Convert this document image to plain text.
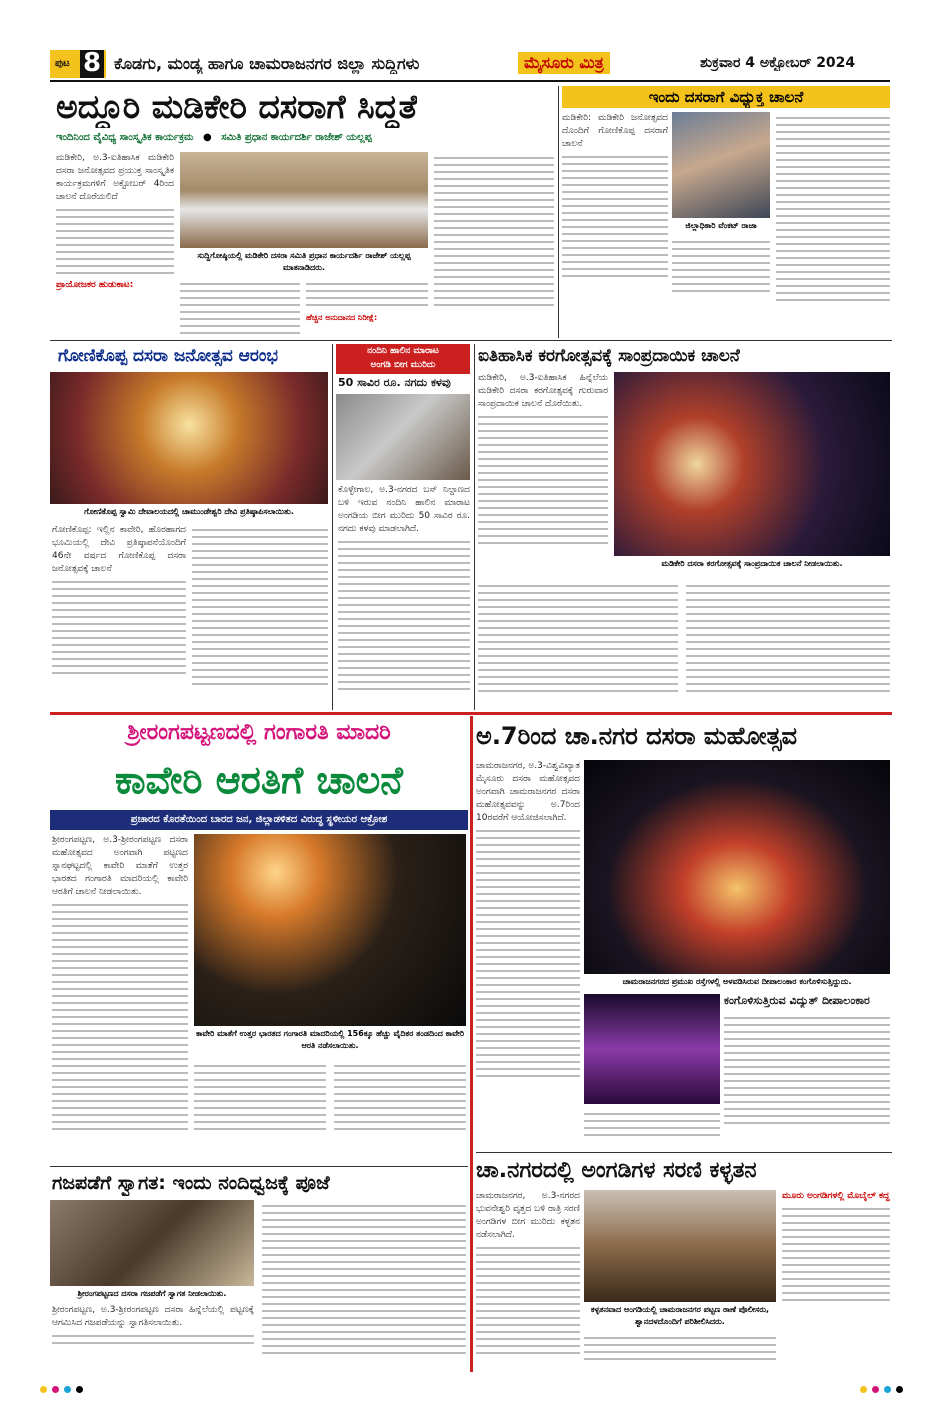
ಪುಟ 8 ಕೊಡಗು, ಮಂಡ್ಯ ಹಾಗೂ ಚಾಮರಾಜನಗರ ಜಿಲ್ಲಾ ಸುದ್ದಿಗಳು	ಮೈಸೂರು ಮಿತ್ರ	ಶುಕ್ರವಾರ 4 ಅಕ್ಟೋಬರ್ 2024
ಅದ್ಧೂರಿ ಮಡಿಕೇರಿ ದಸರಾಗೆ ಸಿದ್ಧತೆ
ಇಂದಿನಿಂದ ವೈವಿಧ್ಯ ಸಾಂಸ್ಕೃತಿಕ ಕಾರ್ಯಕ್ರಮ ● ಸಮಿತಿ ಪ್ರಧಾನ ಕಾರ್ಯದರ್ಶಿ ರಾಜೇಶ್ ಯಲ್ಲಪ್ಪ
ಮಡಿಕೇರಿ, ಅ.3-ಐತಿಹಾಸಿಕ ಮಡಿಕೇರಿ ದಸರಾ ಜನೋತ್ಸವದ ಪ್ರಯುಕ್ತ ಸಾಂಸ್ಕೃತಿಕ ಕಾರ್ಯಕ್ರಮಗಳಿಗೆ ಅಕ್ಟೋಬರ್ 4ರಿಂದ ಚಾಲನೆ ದೊರೆಯಲಿದೆ
ಪ್ರಾಯೋಜಕರ ಹುಡುಕಾಟ:
ಸುದ್ದಿಗೋಷ್ಠಿಯಲ್ಲಿ ಮಡಿಕೇರಿ ದಸರಾ ಸಮಿತಿ ಪ್ರಧಾನ ಕಾರ್ಯದರ್ಶಿ ರಾಜೇಶ್ ಯಲ್ಲಪ್ಪ ಮಾತನಾಡಿದರು.
ಹೆಚ್ಚಿನ ಅನುದಾನದ ನಿರೀಕ್ಷೆ:
ಇಂದು ದಸರಾಗೆ ವಿಧ್ಯುಕ್ತ ಚಾಲನೆ
ಮಡಿಕೇರಿ: ಮಡಿಕೇರಿ ಜನೋತ್ಸವದ ದೊಂದಿಗೆ ಗೋಣಿಕೊಪ್ಪ ದಸರಾಗೆ ಚಾಲನೆ
ಜಿಲ್ಲಾಧಿಕಾರಿ ವೆಂಕಟ್ ರಾಜಾ
ಗೋಣಿಕೊಪ್ಪ ದಸರಾ ಜನೋತ್ಸವ ಆರಂಭ
ಗೋಣಿಕೊಪ್ಪ ಸ್ವಾಮಿ ದೇವಾಲಯದಲ್ಲಿ ಚಾಮುಂಡೇಶ್ವರಿ ದೇವಿ ಪ್ರತಿಷ್ಠಾಪಿಸಲಾಯಿತು.
ಗೋಣಿಕೊಪ್ಪ: ಇಲ್ಲಿನ ಕಾವೇರಿ, ಹೊರಹಾಗದ ಭೂಮಿಯಲ್ಲಿ ದೇವಿ ಪ್ರತಿಷ್ಠಾಪನೆಯೊಂದಿಗೆ 46ನೇ ವರ್ಷದ ಗೋಣಿಕೊಪ್ಪ ದಸರಾ ಜನೋತ್ಸವಕ್ಕೆ ಚಾಲನೆ
ನಂದಿನಿ ಹಾಲಿನ ಮಾರಾಟ
ಅಂಗಡಿ ಬೀಗ ಮುರಿದು
50 ಸಾವಿರ ರೂ. ನಗದು ಕಳವು
ಕೊಳ್ಳೇಗಾಲ, ಅ.3-ನಗರದ ಬಸ್ ನಿಲ್ದಾಣದ ಬಳಿ ಇರುವ ನಂದಿನಿ ಹಾಲಿನ ಮಾರಾಟ ಅಂಗಡಿಯ ಬೀಗ ಮುರಿದು 50 ಸಾವಿರ ರೂ. ನಗದು ಕಳವು ಮಾಡಲಾಗಿದೆ.
ಐತಿಹಾಸಿಕ ಕರಗೋತ್ಸವಕ್ಕೆ ಸಾಂಪ್ರದಾಯಿಕ ಚಾಲನೆ
ಮಡಿಕೇರಿ, ಅ.3-ಐತಿಹಾಸಿಕ ಹಿನ್ನೆಲೆಯ ಮಡಿಕೇರಿ ದಸರಾ ಕರಗೋತ್ಸವಕ್ಕೆ ಗುರುವಾರ ಸಾಂಪ್ರದಾಯಿಕ ಚಾಲನೆ ದೊರೆಯಿತು.
ಮಡಿಕೇರಿ ದಸರಾ ಕರಗೋತ್ಸವಕ್ಕೆ ಸಾಂಪ್ರದಾಯಿಕ ಚಾಲನೆ ನೀಡಲಾಯಿತು.
ಶ್ರೀರಂಗಪಟ್ಟಣದಲ್ಲಿ ಗಂಗಾರತಿ ಮಾದರಿ
ಕಾವೇರಿ ಆರತಿಗೆ ಚಾಲನೆ
ಪ್ರಚಾರದ ಕೊರತೆಯಿಂದ ಬಾರದ ಜನ, ಜಿಲ್ಲಾಡಳಿತದ ವಿರುದ್ಧ ಸ್ಥಳೀಯರ ಆಕ್ರೋಶ
ಶ್ರೀರಂಗಪಟ್ಟಣ, ಅ.3-ಶ್ರೀರಂಗಪಟ್ಟಣ ದಸರಾ ಮಹೋತ್ಸವದ ಅಂಗವಾಗಿ ಪಟ್ಟಣದ ಸ್ನಾನಘಟ್ಟದಲ್ಲಿ ಕಾವೇರಿ ಮಾತೆಗೆ ಉತ್ತರ ಭಾರತದ ಗಂಗಾರತಿ ಮಾದರಿಯಲ್ಲಿ ಕಾವೇರಿ ಆರತಿಗೆ ಚಾಲನೆ ನೀಡಲಾಯಿತು.
ಕಾವೇರಿ ಮಾತೆಗೆ ಉತ್ತರ ಭಾರತದ ಗಂಗಾರತಿ ಮಾದರಿಯಲ್ಲಿ 156ಕ್ಕೂ ಹೆಚ್ಚು ವೈದಿಕರ ತಂಡದಿಂದ ಕಾವೇರಿ ಆರತಿ ನಡೆಸಲಾಯಿತು.
ಅ.7ರಿಂದ ಚಾ.ನಗರ ದಸರಾ ಮಹೋತ್ಸವ
ಚಾಮರಾಜನಗರ, ಅ.3-ವಿಶ್ವವಿಖ್ಯಾತ ಮೈಸೂರು ದಸರಾ ಮಹೋತ್ಸವದ ಅಂಗವಾಗಿ ಚಾಮರಾಜನಗರ ದಸರಾ ಮಹೋತ್ಸವವನ್ನು ಅ.7ರಿಂದ 10ರವರೆಗೆ ಆಯೋಜಿಸಲಾಗಿದೆ.
ಚಾಮರಾಜನಗರದ ಪ್ರಮುಖ ರಸ್ತೆಗಳಲ್ಲಿ ಅಳವಡಿಸಿರುವ ದೀಪಾಲಂಕಾರ ಕಂಗೊಳಿಸುತ್ತಿದ್ದುದು.
ಕಂಗೊಳಿಸುತ್ತಿರುವ ವಿದ್ಯುತ್ ದೀಪಾಲಂಕಾರ
ಗಜಪಡೆಗೆ ಸ್ವಾಗತ: ಇಂದು ನಂದಿಧ್ವಜಕ್ಕೆ ಪೂಜೆ
ಶ್ರೀರಂಗಪಟ್ಟಣದ ದಸರಾ ಗಜಪಡೆಗೆ ಸ್ವಾಗತ ನೀಡಲಾಯಿತು.
ಶ್ರೀರಂಗಪಟ್ಟಣ, ಅ.3-ಶ್ರೀರಂಗಪಟ್ಟಣ ದಸರಾ ಹಿನ್ನೆಲೆಯಲ್ಲಿ ಪಟ್ಟಣಕ್ಕೆ ಆಗಮಿಸಿದ ಗಜಪಡೆಯನ್ನು ಸ್ವಾಗತಿಸಲಾಯಿತು.
ಚಾ.ನಗರದಲ್ಲಿ ಅಂಗಡಿಗಳ ಸರಣಿ ಕಳ್ಳತನ
ಚಾಮರಾಜನಗರ, ಅ.3-ನಗರದ ಭುವನೇಶ್ವರಿ ವೃತ್ತದ ಬಳಿ ರಾತ್ರಿ ಸರಣಿ ಅಂಗಡಿಗಳ ಬೀಗ ಮುರಿದು ಕಳ್ಳತನ ನಡೆಸಲಾಗಿದೆ.
ಕಳ್ಳತನವಾದ ಅಂಗಡಿಯಲ್ಲಿ ಚಾಮರಾಜನಗರ ಪಟ್ಟಣ ಠಾಣೆ ಪೊಲೀಸರು, ಶ್ವಾನದಳದೊಂದಿಗೆ ಪರಿಶೀಲಿಸಿದರು.
ಮೂರು ಅಂಗಡಿಗಳಲ್ಲಿ ಮೊಬೈಲ್ ಕದ್ದ
